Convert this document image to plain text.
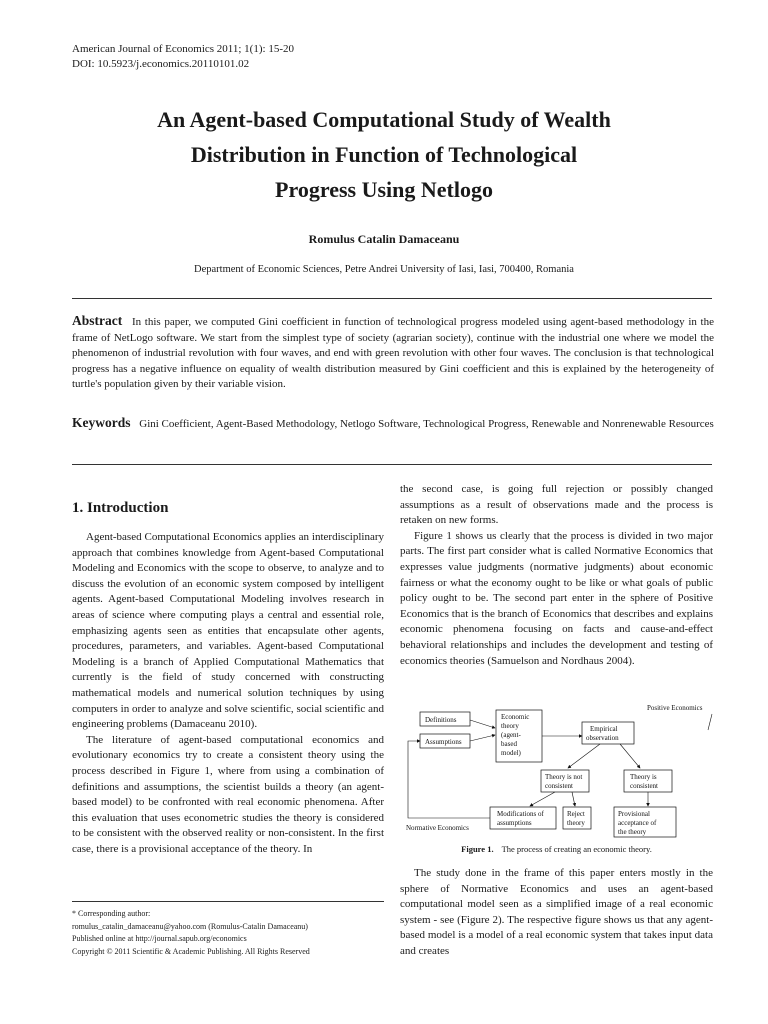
American Journal of Economics 2011; 1(1): 15-20
DOI: 10.5923/j.economics.20110101.02
An Agent-based Computational Study of Wealth
Distribution in Function of Technological
Progress Using Netlogo
Romulus Catalin Damaceanu
Department of Economic Sciences, Petre Andrei University of Iasi, Iasi, 700400, Romania
Abstract In this paper, we computed Gini coefficient in function of technological progress modeled using agent-based methodology in the frame of NetLogo software. We start from the simplest type of society (agrarian society), continue with the industrial one where we model the phenomenon of industrial revolution with four waves, and end with green revolution with other four waves. The conclusion is that technological progress has a negative influence on equality of wealth distribution measured by Gini coefficient and this is explained by the heterogeneity of turtle's population given by their variable vision.
Keywords Gini Coefficient, Agent-Based Methodology, Netlogo Software, Technological Progress, Renewable and Nonrenewable Resources
1. Introduction

Agent-based Computational Economics applies an interdisciplinary approach that combines knowledge from Agent-based Computational Modeling and Economics with the scope to observe, to analyze and to discuss the evolution of an economic system composed by intelligent agents. Agent-based Computational Modeling involves research in areas of science where computing plays a central and essential role, emphasizing agents seen as entities that encapsulate other agents, procedures, parameters, and variables. Agent-based Computational Modeling is a branch of Applied Computational Mathematics that currently is the field of study concerned with constructing mathematical models and numerical solution techniques by using computers in order to analyze and solve scientific, social scientific and engineering problems (Damaceanu 2010).

The literature of agent-based computational economics and evolutionary economics try to create a consistent theory using the process described in Figure 1, where from using a combination of definitions and assumptions, the scientist builds a theory (an agent-based model) to be confronted with real economic phenomena. After this evaluation that uses econometric studies the theory is considered to be consistent with the observed reality or non-consistent. In the first case, there is a provisional acceptance of the theory. In

the second case, is going full rejection or possibly changed assumptions as a result of observations made and the process is retaken on new forms.

Figure 1 shows us clearly that the process is divided in two major parts. The first part consider what is called Normative Economics that expresses value judgments (normative judgments) about economic fairness or what the economy ought to be like or what goals of public policy ought to be. The second part enter in the sphere of Positive Economics that is the branch of Economics that describes and explains economic phenomena focusing on facts and cause-and-effect behavioral relationships and includes the development and testing of economics theories (Samuelson and Nordhaus 2004).

Definitions
Assumptions
Economic
theory
(agent-
based
model)
Empirical
observation
Positive Economics
Theory is not
consistent
Theory is
consistent
Modifications of
assumptions
Reject
theory
Provisional
acceptance of
the theory
Normative Economics
Figure 1. The process of creating an economic theory.

The study done in the frame of this paper enters mostly in the sphere of Normative Economics and uses an agent-based computational model seen as a simplified image of a real economic system - see (Figure 2). The respective figure shows us that any agent-based model is a model of a real economic system that takes input data and creates

* Corresponding author:
romulus_catalin_damaceanu@yahoo.com (Romulus-Catalin Damaceanu)
Published online at http://journal.sapub.org/economics
Copyright © 2011 Scientific & Academic Publishing. All Rights Reserved
